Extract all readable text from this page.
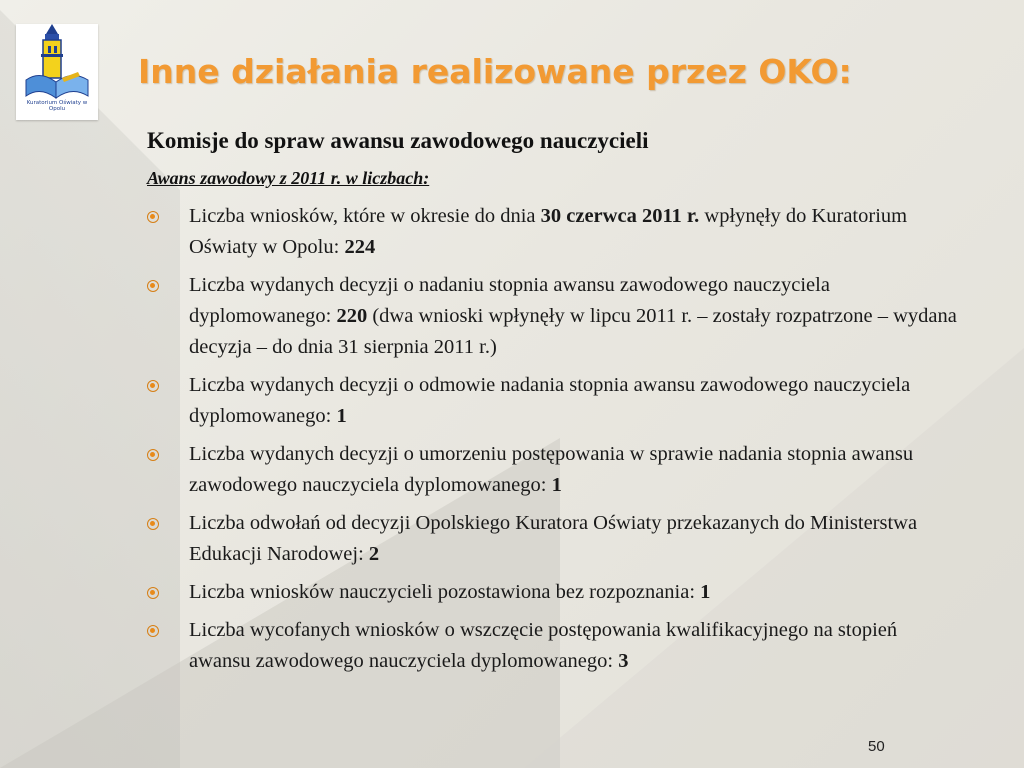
Kuratorium Oświaty w Opolu
Inne działania realizowane przez OKO:
Komisje do spraw awansu zawodowego nauczycieli

Awans zawodowy z 2011 r. w liczbach:

Liczba wniosków, które w okresie do dnia 30 czerwca 2011 r. wpłynęły do Kuratorium Oświaty w Opolu: 224
Liczba wydanych decyzji o nadaniu stopnia awansu zawodowego nauczyciela dyplomowanego: 220 (dwa wnioski wpłynęły w lipcu 2011 r. – zostały rozpatrzone – wydana decyzja – do dnia 31 sierpnia 2011 r.)
Liczba wydanych decyzji o odmowie nadania stopnia awansu zawodowego nauczyciela dyplomowanego: 1
Liczba wydanych decyzji o umorzeniu postępowania w sprawie nadania stopnia awansu zawodowego nauczyciela dyplomowanego: 1
Liczba odwołań od decyzji Opolskiego Kuratora Oświaty przekazanych do Ministerstwa Edukacji Narodowej: 2
Liczba wniosków nauczycieli pozostawiona bez rozpoznania: 1
Liczba wycofanych wniosków o wszczęcie postępowania kwalifikacyjnego na stopień awansu zawodowego nauczyciela dyplomowanego: 3
50
